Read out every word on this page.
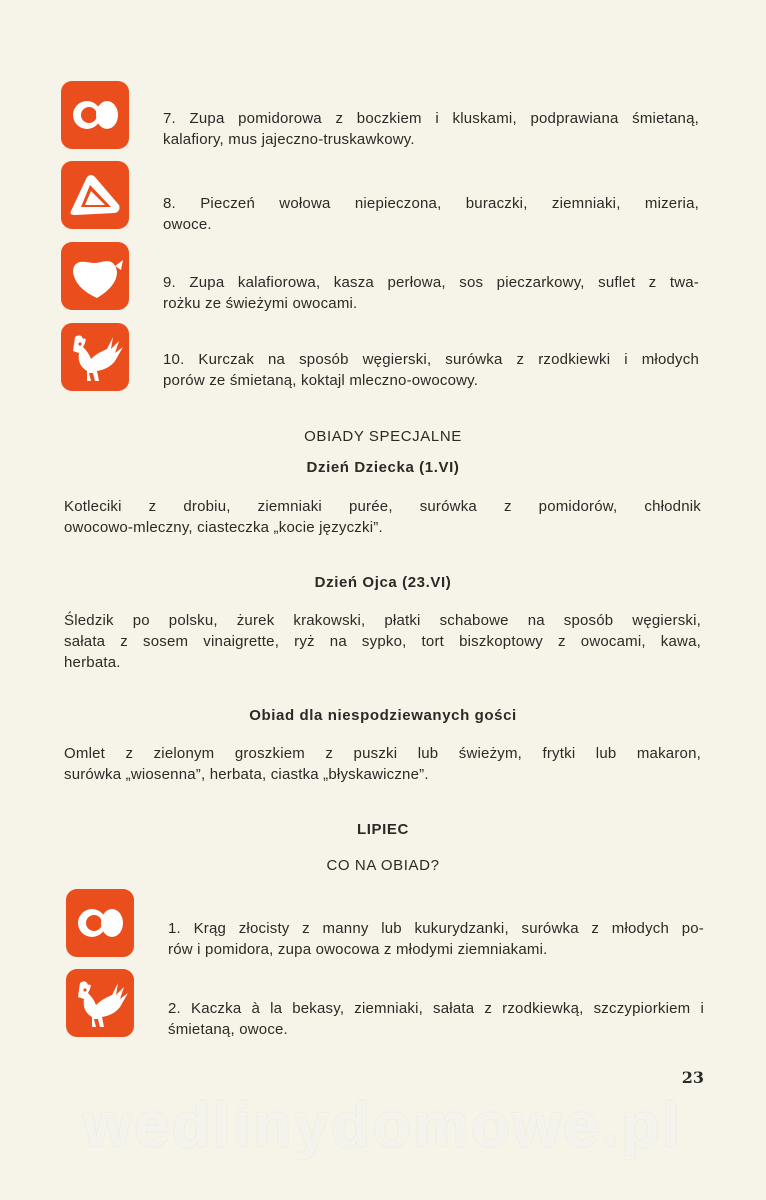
7. Zupa pomidorowa z boczkiem i kluskami, podprawiana śmietaną,
kalafiory, mus jajeczno-truskawkowy.
8. Pieczeń wołowa niepieczona, buraczki, ziemniaki, mizeria,
owoce.
9. Zupa kalafiorowa, kasza perłowa, sos pieczarkowy, suflet z twa-
rożku ze świeżymi owocami.
10. Kurczak na sposób węgierski, surówka z rzodkiewki i młodych
porów ze śmietaną, koktajl mleczno-owocowy.
OBIADY SPECJALNE
Dzień Dziecka (1.VI)
Kotleciki z drobiu, ziemniaki purée, surówka z pomidorów, chłodnik
owocowo-mleczny, ciasteczka „kocie języczki”.
Dzień Ojca (23.VI)
Śledzik po polsku, żurek krakowski, płatki schabowe na sposób węgierski,
sałata z sosem vinaigrette, ryż na sypko, tort biszkoptowy z owocami, kawa,
herbata.
Obiad dla niespodziewanych gości
Omlet z zielonym groszkiem z puszki lub świeżym, frytki lub makaron,
surówka „wiosenna”, herbata, ciastka „błyskawiczne”.
LIPIEC
CO NA OBIAD?
1. Krąg złocisty z manny lub kukurydzanki, surówka z młodych po-
rów i pomidora, zupa owocowa z młodymi ziemniakami.
2. Kaczka à la bekasy, ziemniaki, sałata z rzodkiewką, szczypiorkiem i
śmietaną, owoce.
23
wedlinydomowe.pl
